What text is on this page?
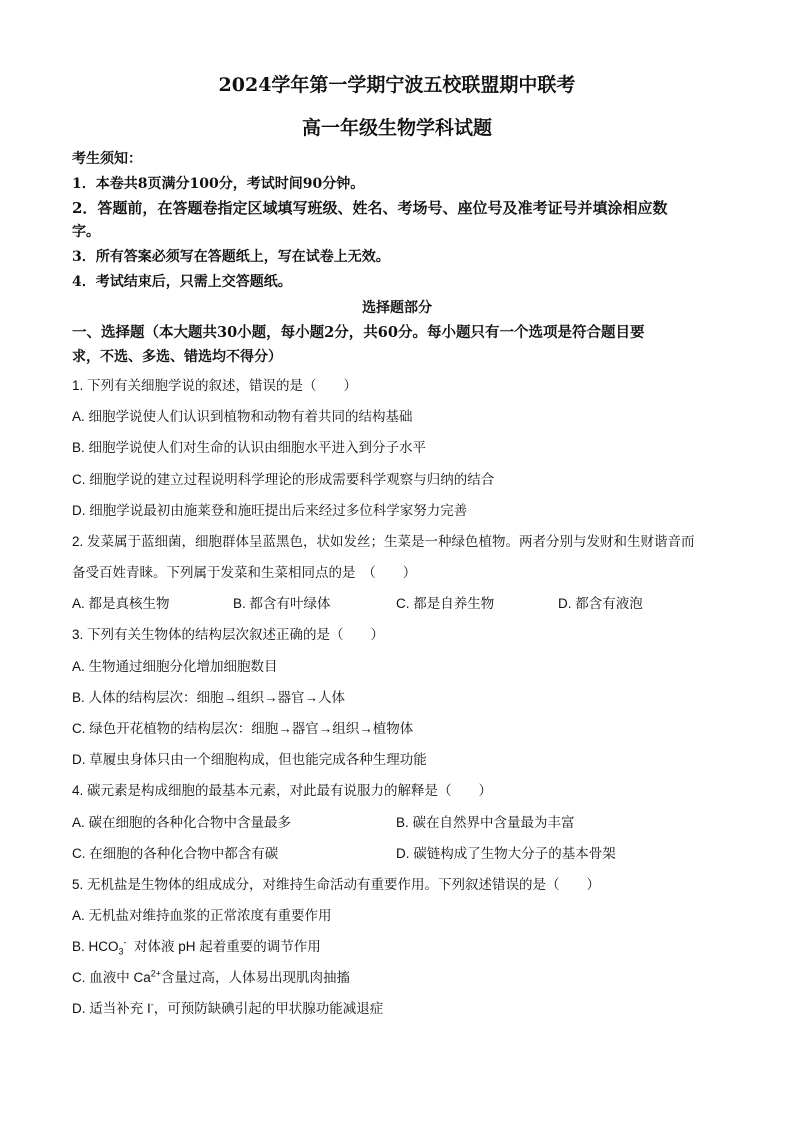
2024学年第一学期宁波五校联盟期中联考
高一年级生物学科试题
考生须知：
1．本卷共8页满分100分，考试时间90分钟。
2．答题前，在答题卷指定区域填写班级、姓名、考场号、座位号及准考证号并填涂相应数
字。
3．所有答案必须写在答题纸上，写在试卷上无效。
4．考试结束后，只需上交答题纸。
选择题部分
一、选择题（本大题共30小题，每小题2分，共60分。每小题只有一个选项是符合题目要
求，不选、多选、错选均不得分）
1. 下列有关细胞学说的叙述，错误的是（　　）
A. 细胞学说使人们认识到植物和动物有着共同的结构基础
B. 细胞学说使人们对生命的认识由细胞水平进入到分子水平
C. 细胞学说的建立过程说明科学理论的形成需要科学观察与归纳的结合
D. 细胞学说最初由施莱登和施旺提出后来经过多位科学家努力完善
2. 发菜属于蓝细菌，细胞群体呈蓝黑色，状如发丝；生菜是一种绿色植物。两者分别与发财和生财谐音而
备受百姓青睐。下列属于发菜和生菜相同点的是　（　　）
A. 都是真核生物	B. 都含有叶绿体	C. 都是自养生物	D. 都含有液泡
3. 下列有关生物体的结构层次叙述正确的是（　　）
A. 生物通过细胞分化增加细胞数目
B. 人体的结构层次：细胞→组织→器官→人体
C. 绿色开花植物的结构层次：细胞→器官→组织→植物体
D. 草履虫身体只由一个细胞构成，但也能完成各种生理功能
4. 碳元素是构成细胞的最基本元素，对此最有说服力的解释是（　　）
A. 碳在细胞的各种化合物中含量最多	B. 碳在自然界中含量最为丰富
C. 在细胞的各种化合物中都含有碳	D. 碳链构成了生物大分子的基本骨架
5. 无机盐是生物体的组成成分，对维持生命活动有重要作用。下列叙述错误的是（　　）
A. 无机盐对维持血浆的正常浓度有重要作用
B. $HCO_3^-$  对体液 pH 起着重要的调节作用
C. 血液中 $Ca^{2+}$含量过高，人体易出现肌肉抽搐
D. 适当补充 I-，可预防缺碘引起的甲状腺功能减退症
